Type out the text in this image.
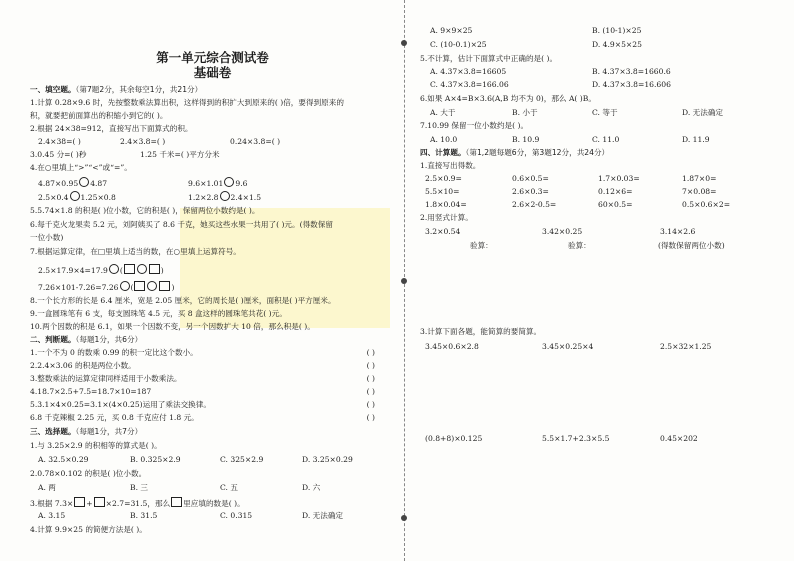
第一单元综合测试卷
基础卷
一、填空题。（第7题2分，其余每空1分，共21分）
1.计算 0.28×9.6 时，先按整数乘法算出积，这样得到的积扩大到原来的( )倍，要得到原来的
积，就要把前面算出的积缩小到它的( )。
2.根据 24×38=912，直接写出下面算式的积。
2.4×38=( )	2.4×3.8=( )	0.24×3.8=( )
3.0.45 分=( )秒	1.25 千米=( )平方分米
4.在○里填上“>”“<”或“=”。
4.87×0.95 4.87	9.6×1.01 9.6
2.5×0.4 1.25×0.8	1.2×2.8 2.4×1.5
5.5.74×1.8 的积是( )位小数，它的积是( )，保留两位小数约是( )。
6.每千克火龙果卖 5.2 元，刘阿姨买了 8.6 千克，她买这些水果一共用了( )元。(得数保留
一位小数)
7.根据运算定律，在□里填上适当的数，在○里填上运算符号。
2.5×17.9×4=17.9 (	)
7.26×101-7.26=7.26 (	)
8.一个长方形的长是 6.4 厘米，宽是 2.05 厘米，它的周长是( )厘米，面积是( )平方厘米。
9.一盒圆珠笔有 6 支，每支圆珠笔 4.5 元，买 8 盒这样的圆珠笔共花( )元。
10.两个因数的积是 6.1，如果一个因数不变，另一个因数扩大 10 倍，那么积是( )。
二、判断题。（每题1分，共6分）
1.一个不为 0 的数乘 0.99 的积一定比这个数小。	( )
2.2.4×3.06 的积是两位小数。	( )
3.整数乘法的运算定律同样适用于小数乘法。	( )
4.18.7×2.5+7.5=18.7×10=187	( )
5.3.1×4×0.25=3.1×(4×0.25)运用了乘法交换律。	( )
6.8 千克辣椒 2.25 元，买 0.8 千克应付 1.8 元。	( )
三、选择题。（每题1分，共7分）
1.与 3.25×2.9 的积相等的算式是( )。
A. 32.5×0.29	B. 0.325×2.9	C. 325×2.9	D. 3.25×0.29
2.0.78×0.102 的积是( )位小数。
A. 两	B. 三	C. 五	D. 六
3.根据 7.3× + ×2.7=31.5，那么 里应填的数是( )。
A. 3.15	B. 31.5	C. 0.315	D. 无法确定
4.计算 9.9×25 的简便方法是( )。
A. 9×9×25	B. (10-1)×25
C. (10-0.1)×25	D. 4.9×5×25
5.不计算，估计下面算式中正确的是( )。
A. 4.37×3.8=16605	B. 4.37×3.8=1660.6
C. 4.37×3.8=166.06	D. 4.37×3.8=16.606
6.如果 A×4=B×3.6(A,B 均不为 0)，那么 A( )B。
A. 大于	B. 小于	C. 等于	D. 无法确定
7.10.99 保留一位小数约是( )。
A. 10.0	B. 10.9	C. 11.0	D. 11.9
四、计算题。（第1,2题每题6分，第3题12分，共24分）
1.直接写出得数。
2.5×0.9=	0.6×0.5=	1.7×0.03=	1.87×0=
5.5×10=	2.6×0.3=	0.12×6=	7×0.08=
1.8×0.04=	2.6×2-0.5=	60×0.5=	0.5×0.6×2=
2.用竖式计算。
3.2×0.54	3.42×0.25	3.14×2.6
验算：	验算：	(得数保留两位小数)
3.计算下面各题，能简算的要简算。
3.45×0.6×2.8	3.45×0.25×4	2.5×32×1.25
(0.8+8)×0.125	5.5×1.7+2.3×5.5	0.45×202
